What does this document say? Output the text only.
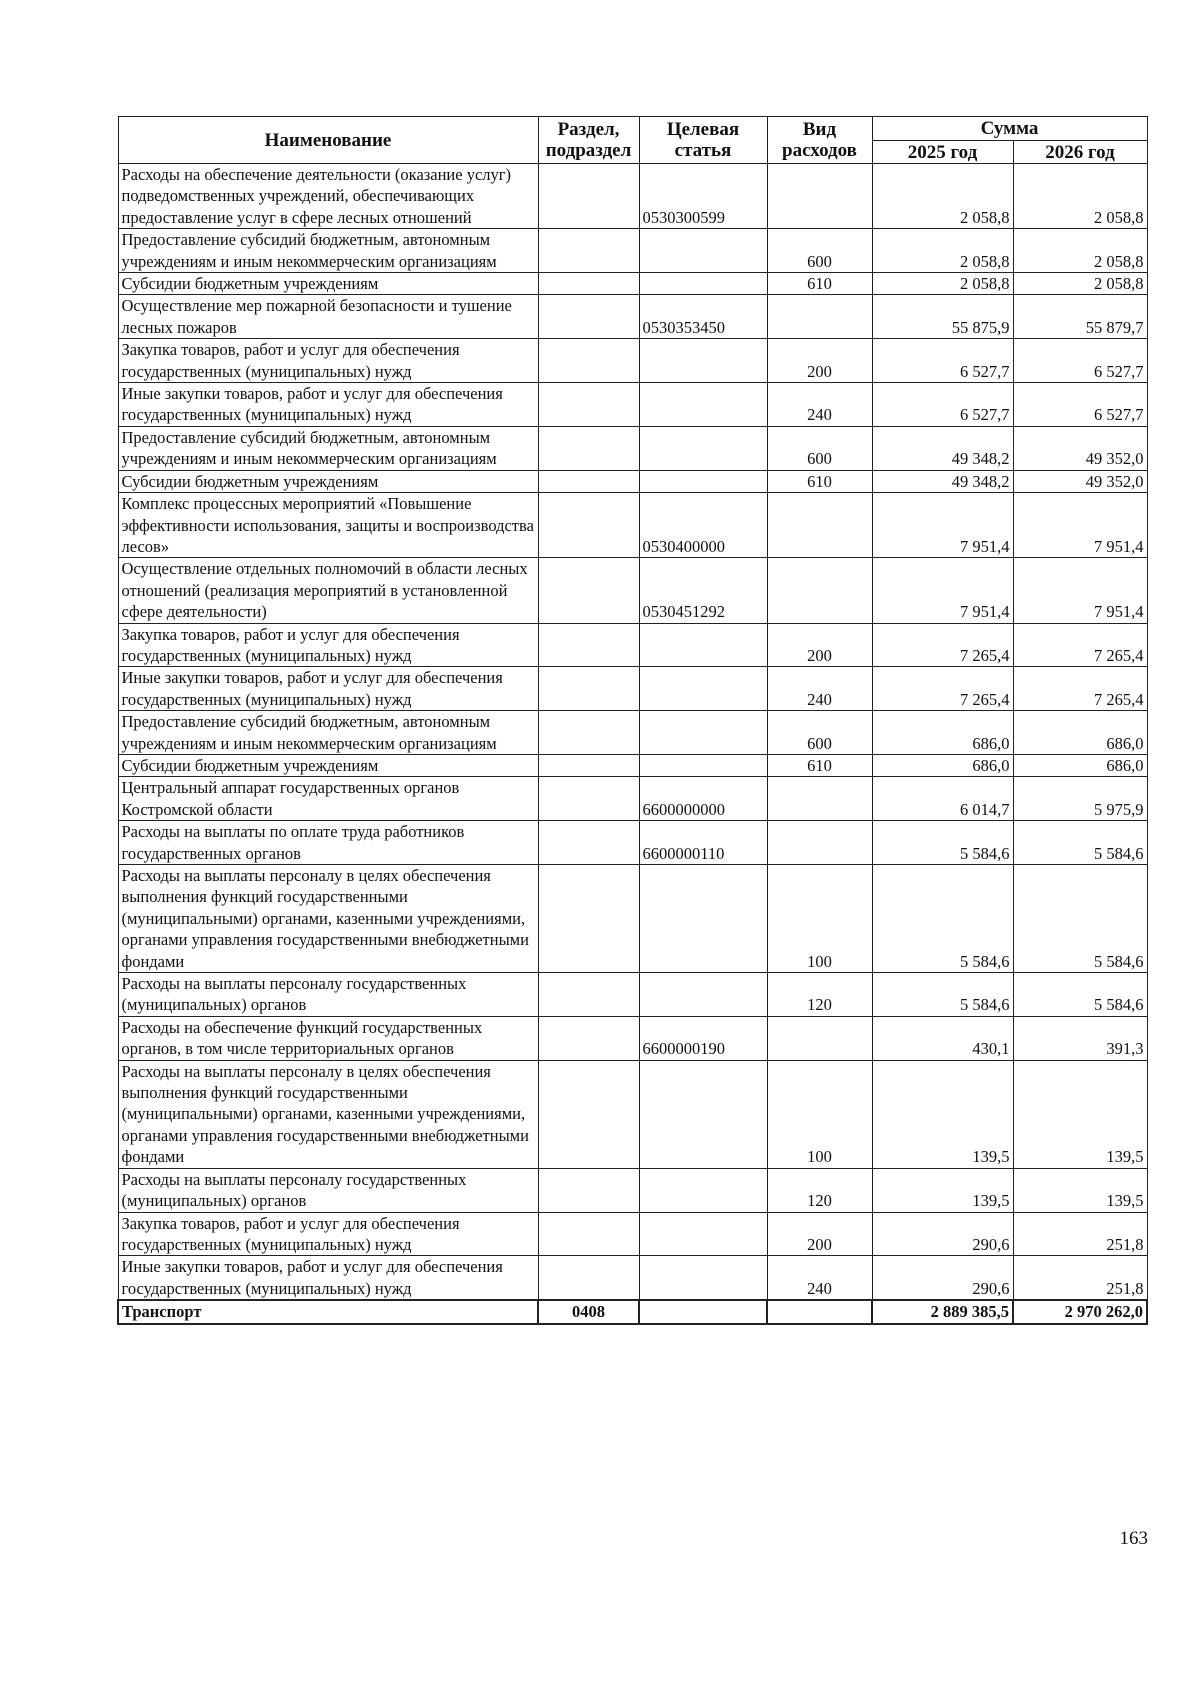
Наименование	Раздел, подраздел	Целевая статья	Вид расходов	Сумма	
				2025 год	2026 год
Расходы на обеспечение деятельности (оказание услуг) подведомственных учреждений, обеспечивающих предоставление услуг в сфере лесных отношений		0530300599		2 058,8	2 058,8
Предоставление субсидий бюджетным, автономным учреждениям и иным некоммерческим организациям			600	2 058,8	2 058,8
Субсидии бюджетным учреждениям			610	2 058,8	2 058,8
Осуществление мер пожарной безопасности и тушение лесных пожаров		0530353450		55 875,9	55 879,7
Закупка товаров, работ и услуг для обеспечения государственных (муниципальных) нужд			200	6 527,7	6 527,7
Иные закупки товаров, работ и услуг для обеспечения государственных (муниципальных) нужд			240	6 527,7	6 527,7
Предоставление субсидий бюджетным, автономным учреждениям и иным некоммерческим организациям			600	49 348,2	49 352,0
Субсидии бюджетным учреждениям			610	49 348,2	49 352,0
Комплекс процессных мероприятий «Повышение эффективности использования, защиты и воспроизводства лесов»		0530400000		7 951,4	7 951,4
Осуществление отдельных полномочий в области лесных отношений (реализация мероприятий в установленной сфере деятельности)		0530451292		7 951,4	7 951,4
Закупка товаров, работ и услуг для обеспечения государственных (муниципальных) нужд			200	7 265,4	7 265,4
Иные закупки товаров, работ и услуг для обеспечения государственных (муниципальных) нужд			240	7 265,4	7 265,4
Предоставление субсидий бюджетным, автономным учреждениям и иным некоммерческим организациям			600	686,0	686,0
Субсидии бюджетным учреждениям			610	686,0	686,0
Центральный аппарат государственных органов Костромской области		6600000000		6 014,7	5 975,9
Расходы на выплаты по оплате труда работников государственных органов		6600000110		5 584,6	5 584,6
Расходы на выплаты персоналу в целях обеспечения выполнения функций государственными (муниципальными) органами, казенными учреждениями, органами управления государственными внебюджетными фондами			100	5 584,6	5 584,6
Расходы на выплаты персоналу государственных (муниципальных) органов			120	5 584,6	5 584,6
Расходы на обеспечение функций государственных органов, в том числе территориальных органов		6600000190		430,1	391,3
Расходы на выплаты персоналу в целях обеспечения выполнения функций государственными (муниципальными) органами, казенными учреждениями, органами управления государственными внебюджетными фондами			100	139,5	139,5
Расходы на выплаты персоналу государственных (муниципальных) органов			120	139,5	139,5
Закупка товаров, работ и услуг для обеспечения государственных (муниципальных) нужд			200	290,6	251,8
Иные закупки товаров, работ и услуг для обеспечения государственных (муниципальных) нужд			240	290,6	251,8
Транспорт	0408			2 889 385,5	2 970 262,0
163
